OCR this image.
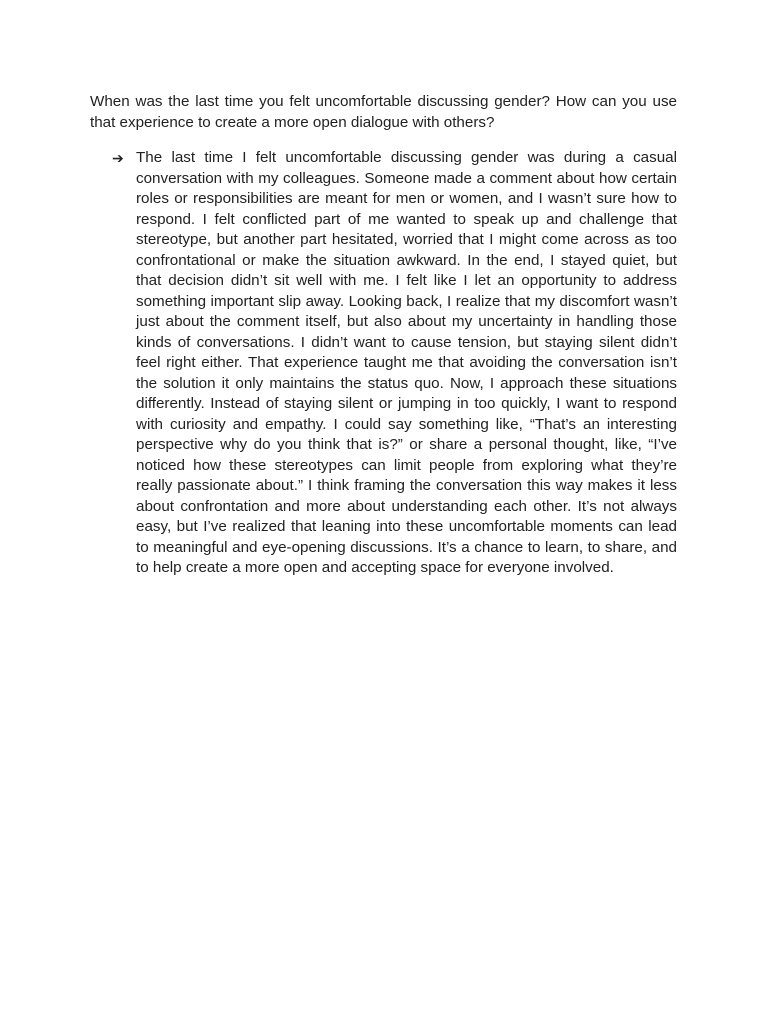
When was the last time you felt uncomfortable discussing gender? How can you use that experience to create a more open dialogue with others?

➔ The last time I felt uncomfortable discussing gender was during a casual conversation with my colleagues. Someone made a comment about how certain roles or responsibilities are meant for men or women, and I wasn’t sure how to respond. I felt conflicted part of me wanted to speak up and challenge that stereotype, but another part hesitated, worried that I might come across as too confrontational or make the situation awkward. In the end, I stayed quiet, but that decision didn’t sit well with me. I felt like I let an opportunity to address something important slip away. Looking back, I realize that my discomfort wasn’t just about the comment itself, but also about my uncertainty in handling those kinds of conversations. I didn’t want to cause tension, but staying silent didn’t feel right either. That experience taught me that avoiding the conversation isn’t the solution it only maintains the status quo. Now, I approach these situations differently. Instead of staying silent or jumping in too quickly, I want to respond with curiosity and empathy. I could say something like, “That’s an interesting perspective why do you think that is?” or share a personal thought, like, “I’ve noticed how these stereotypes can limit people from exploring what they’re really passionate about.” I think framing the conversation this way makes it less about confrontation and more about understanding each other. It’s not always easy, but I’ve realized that leaning into these uncomfortable moments can lead to meaningful and eye-opening discussions. It’s a chance to learn, to share, and to help create a more open and accepting space for everyone involved.
